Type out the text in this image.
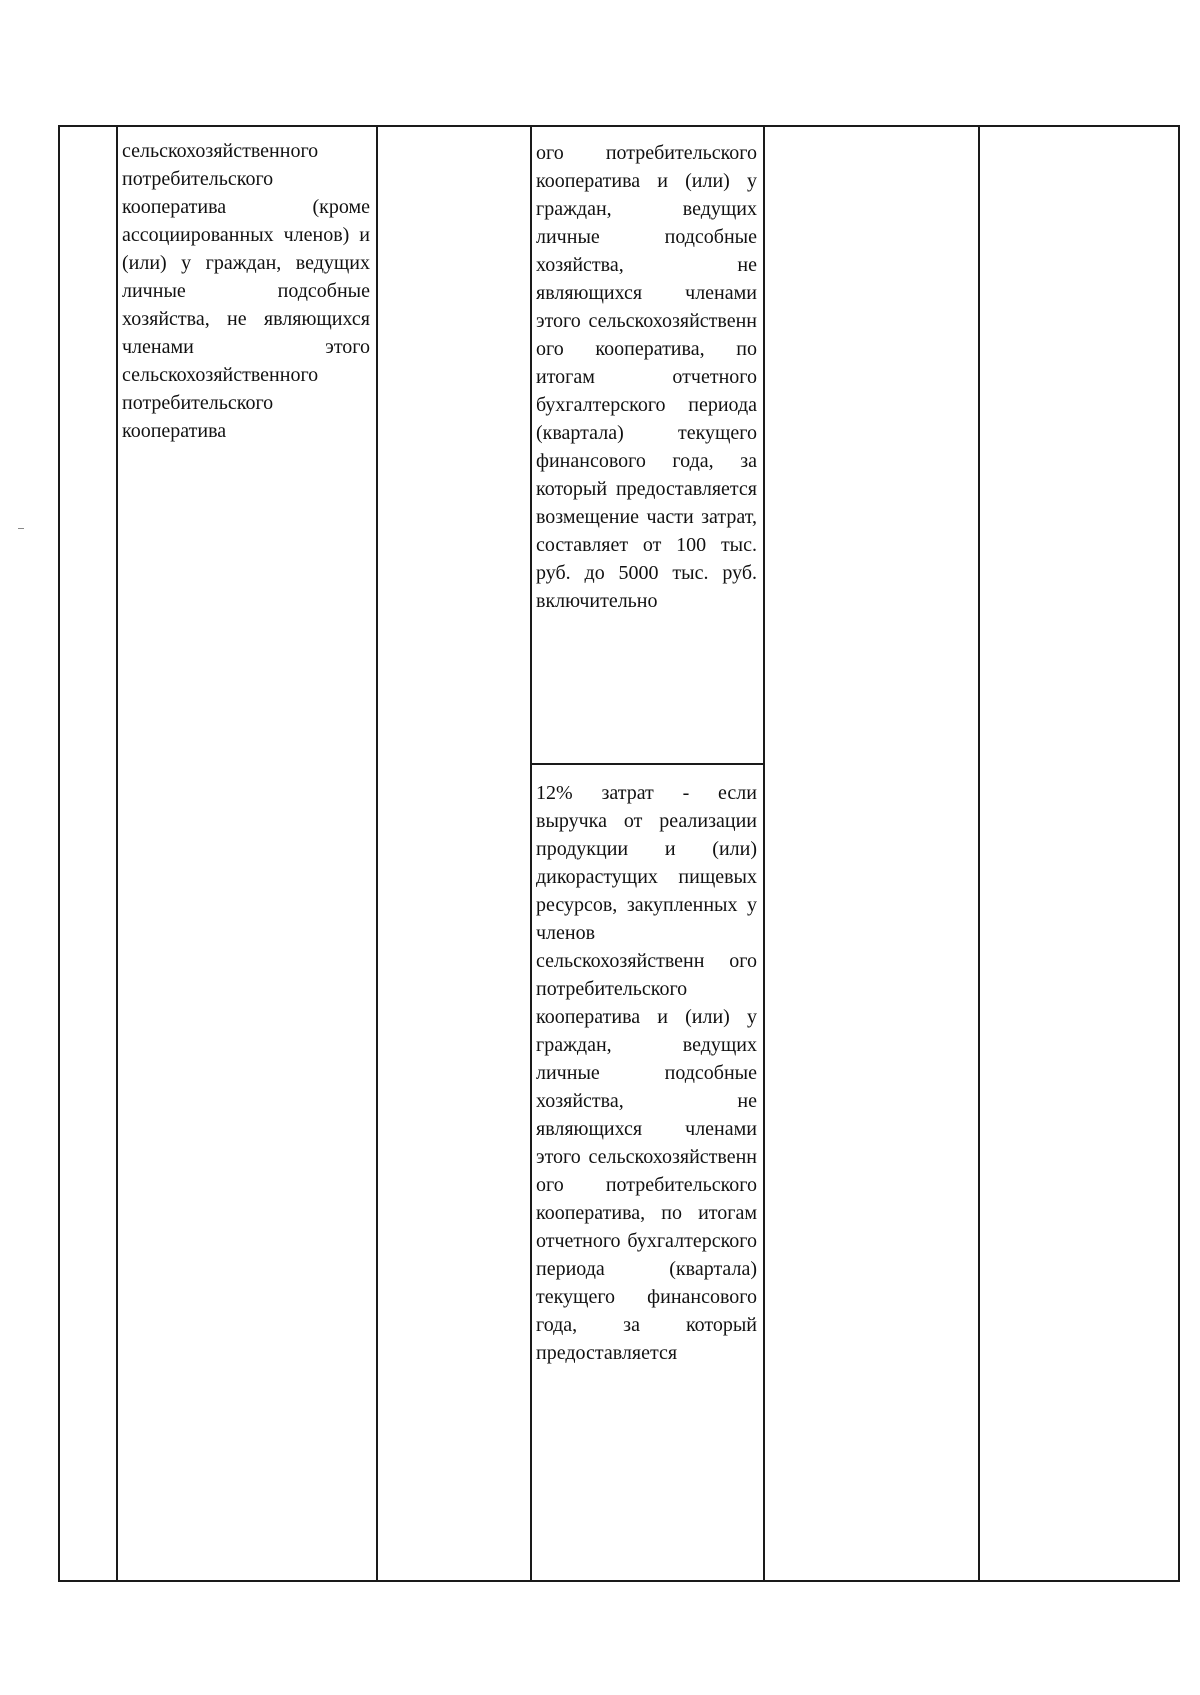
сельскохозяйственного потребительского кооператива (кроме ассоциированных членов) и (или) у граждан, ведущих личные подсобные хозяйства, не являющихся членами этого сельскохозяйственного потребительского кооператива
ого потребительского кооператива и (или) у граждан, ведущих личные подсобные хозяйства, не являющихся членами этого сельскохозяйственн ого кооператива, по итогам отчетного бухгалтерского периода (квартала) текущего финансового года, за который предоставляется возмещение части затрат, составляет от 100 тыс. руб. до 5000 тыс. руб. включительно
12% затрат - если выручка от реализации продукции и (или) дикорастущих пищевых ресурсов, закупленных у членов сельскохозяйственн ого потребительского кооператива и (или) у граждан, ведущих личные подсобные хозяйства, не являющихся членами этого сельскохозяйственн ого потребительского кооператива, по итогам отчетного бухгалтерского периода (квартала) текущего финансового года, за который предоставляется
